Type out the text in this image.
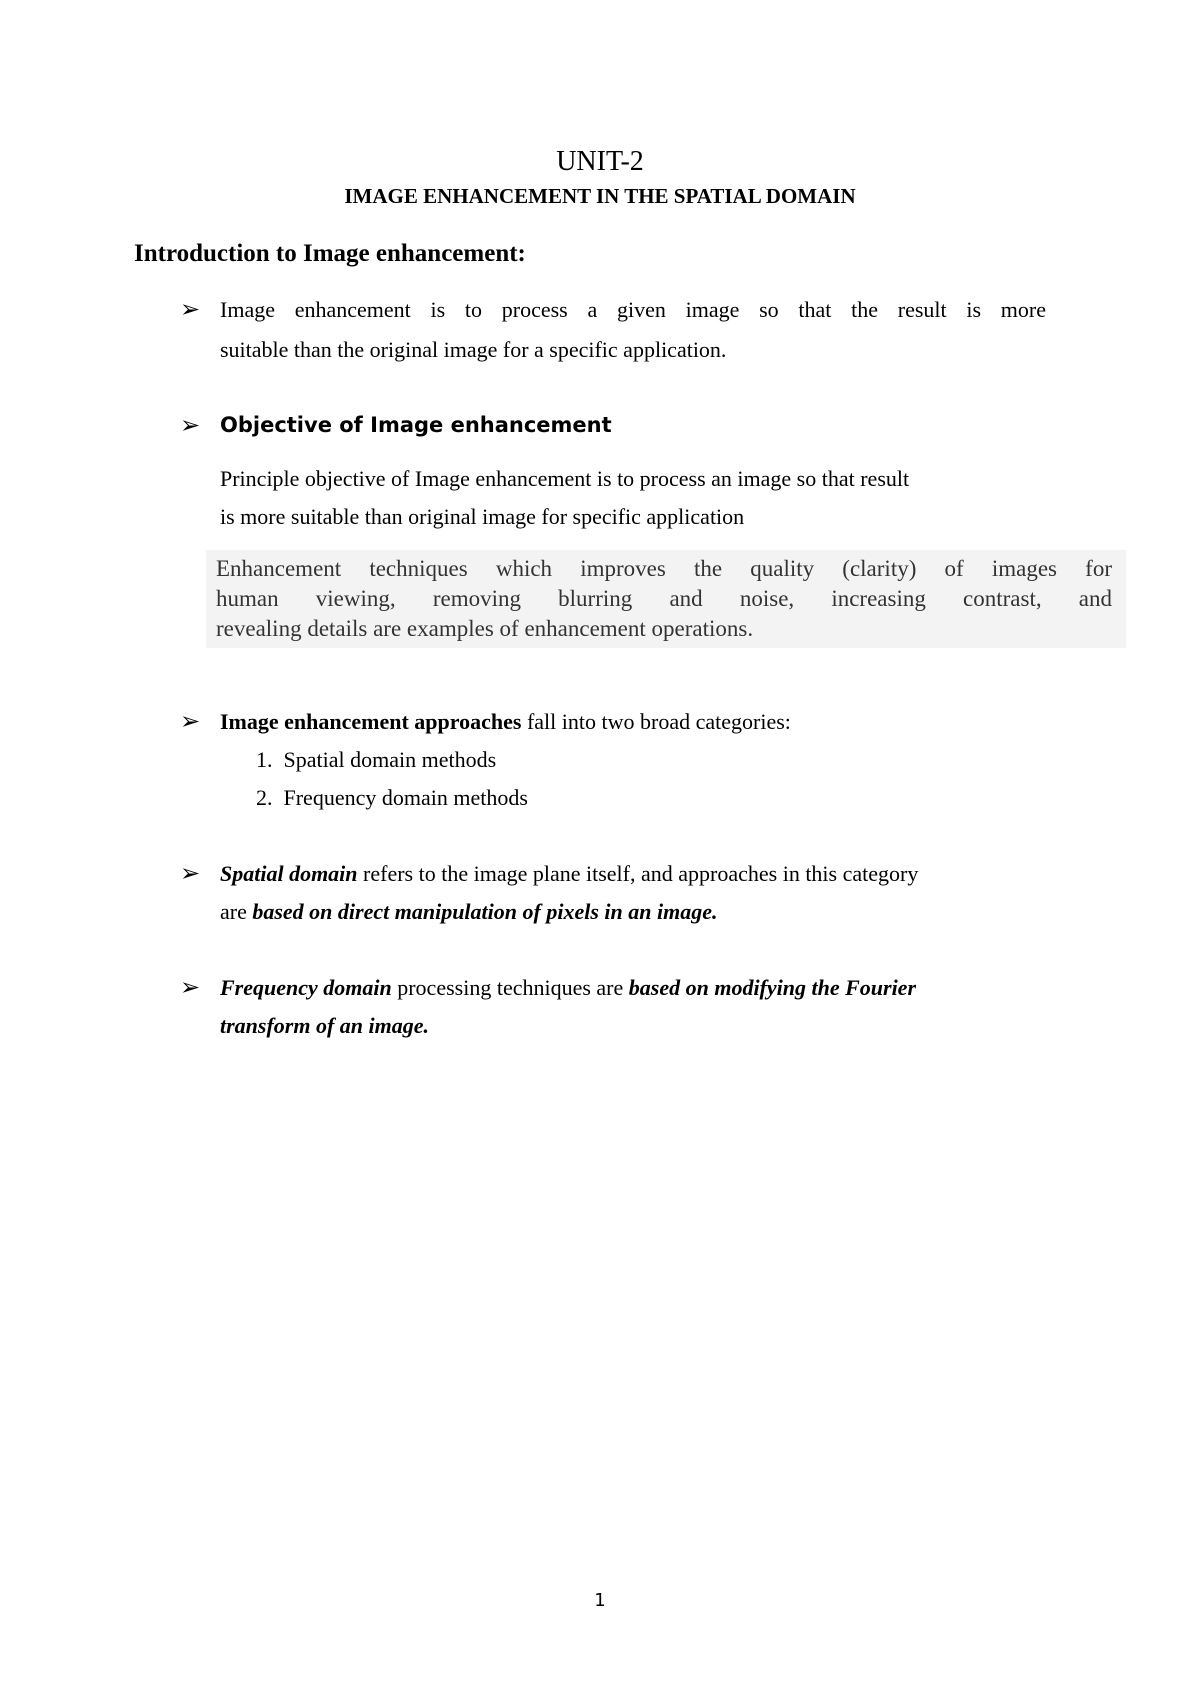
UNIT-2
IMAGE ENHANCEMENT IN THE SPATIAL DOMAIN
Introduction to Image enhancement:
➢ Image enhancement is to process a given image so that the result is more
suitable than the original image for a specific application.
➢ Objective of Image enhancement
Principle objective of Image enhancement is to process an image so that result
is more suitable than original image for specific application
Enhancement techniques which improves the quality (clarity) of images for
human viewing, removing blurring and noise, increasing contrast, and
revealing details are examples of enhancement operations.
➢ Image enhancement approaches fall into two broad categories:
1. Spatial domain methods
2. Frequency domain methods
➢ Spatial domain refers to the image plane itself, and approaches in this category
are based on direct manipulation of pixels in an image.
➢ Frequency domain processing techniques are based on modifying the Fourier
transform of an image.
1
